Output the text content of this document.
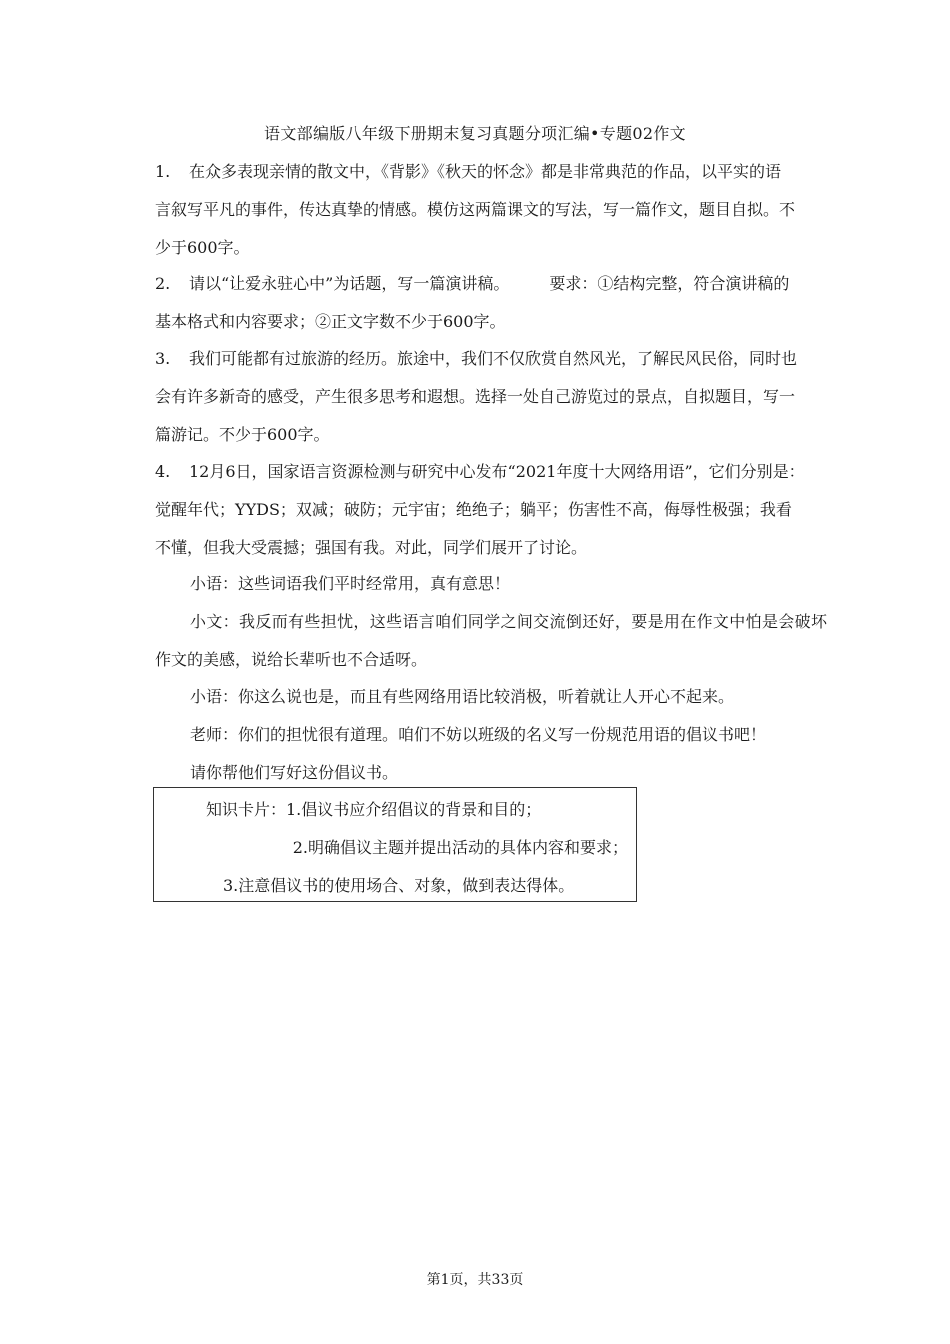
语文部编版八年级下册期末复习真题分项汇编•专题02作文
1. 在众多表现亲情的散文中，《背影》《秋天的怀念》都是非常典范的作品，以平实的语
言叙写平凡的事件，传达真挚的情感。模仿这两篇课文的写法，写一篇作文，题目自拟。不
少于600字。
2. 请以“让爱永驻心中”为话题，写一篇演讲稿。　　　要求：①结构完整，符合演讲稿的
基本格式和内容要求；②正文字数不少于600字。
3. 我们可能都有过旅游的经历。旅途中，我们不仅欣赏自然风光，了解民风民俗，同时也
会有许多新奇的感受，产生很多思考和遐想。选择一处自己游览过的景点，自拟题目，写一
篇游记。不少于600字。
4. 12月6日，国家语言资源检测与研究中心发布“2021年度十大网络用语”，它们分别是：
觉醒年代；YYDS；双减；破防；元宇宙；绝绝子；躺平；伤害性不高，侮辱性极强；我看
不懂，但我大受震撼；强国有我。对此，同学们展开了讨论。
小语：这些词语我们平时经常用，真有意思！
小文：我反而有些担忧，这些语言咱们同学之间交流倒还好，要是用在作文中怕是会破坏作文的美感，说给长辈听也不合适呀。
小语：你这么说也是，而且有些网络用语比较消极，听着就让人开心不起来。
老师：你们的担忧很有道理。咱们不妨以班级的名义写一份规范用语的倡议书吧！
请你帮他们写好这份倡议书。
知识卡片：1.倡议书应介绍倡议的背景和目的；
2.明确倡议主题并提出活动的具体内容和要求；
3.注意倡议书的使用场合、对象，做到表达得体。
第1页，共33页
